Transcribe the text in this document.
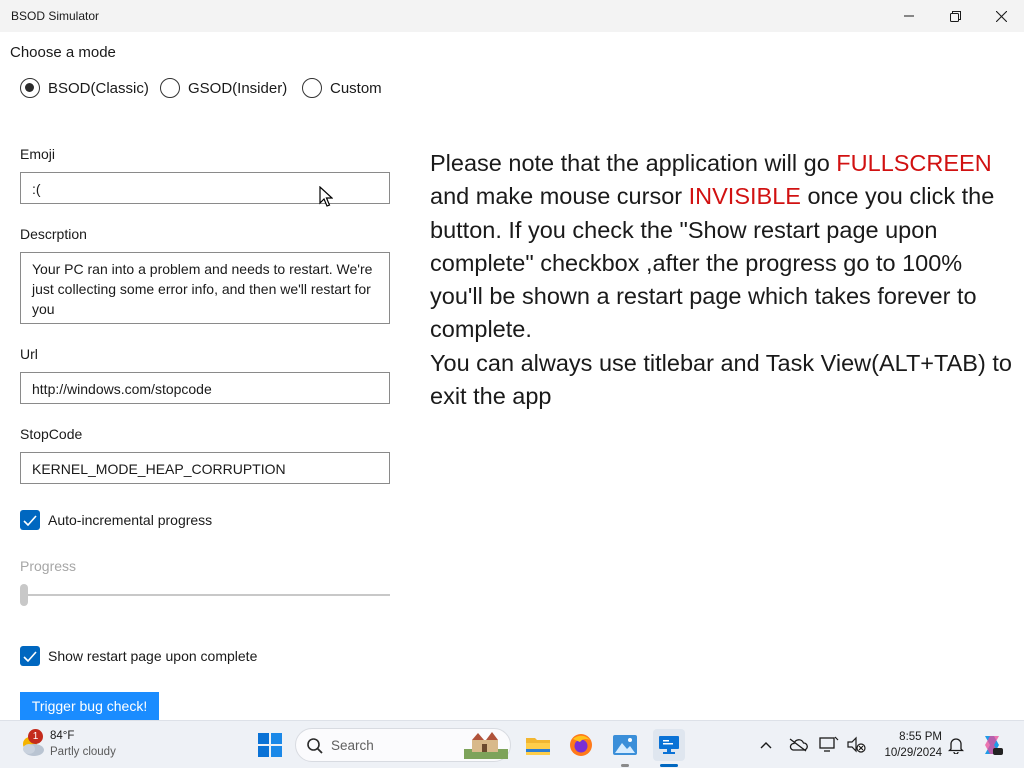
BSOD Simulator
Choose a mode
BSOD(Classic)	GSOD(Insider)	Custom
Emoji
:(
Descrption
Your PC ran into a problem and needs to restart. We're just collecting some error info, and then we'll restart for you
Url
http://windows.com/stopcode
StopCode
KERNEL_MODE_HEAP_CORRUPTION
Auto-incremental progress
Progress
Show restart page upon complete
Trigger bug check!
Please note that the application will go FULLSCREEN and make mouse cursor INVISIBLE once you click the button. If you check the "Show restart page upon complete" checkbox ,after the progress go to 100% you'll be shown a restart page which takes forever to complete.
You can always use titlebar and Task View(ALT+TAB) to exit the app
1	84°F
Partly cloudy	Search
8:55 PM
10/29/2024
